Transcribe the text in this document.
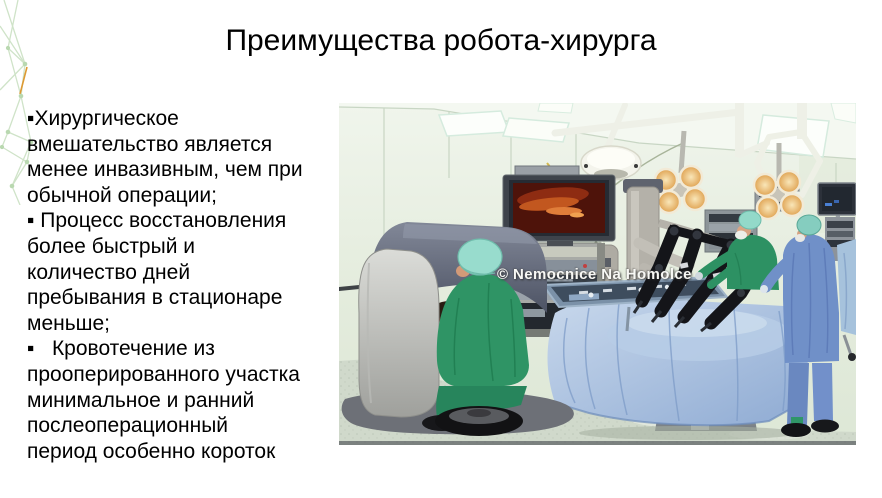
Преимущества робота-хирурга
▪Хирургическое
вмешательство является
менее инвазивным, чем при
обычной операции;
▪ Процесс восстановления
более быстрый и
количество дней
пребывания в стационаре
меньше;
▪   Кровотечение из
прооперированного участка
минимальное и ранний
послеоперационный
период особенно короток
© Nemocnice Na Homolce
